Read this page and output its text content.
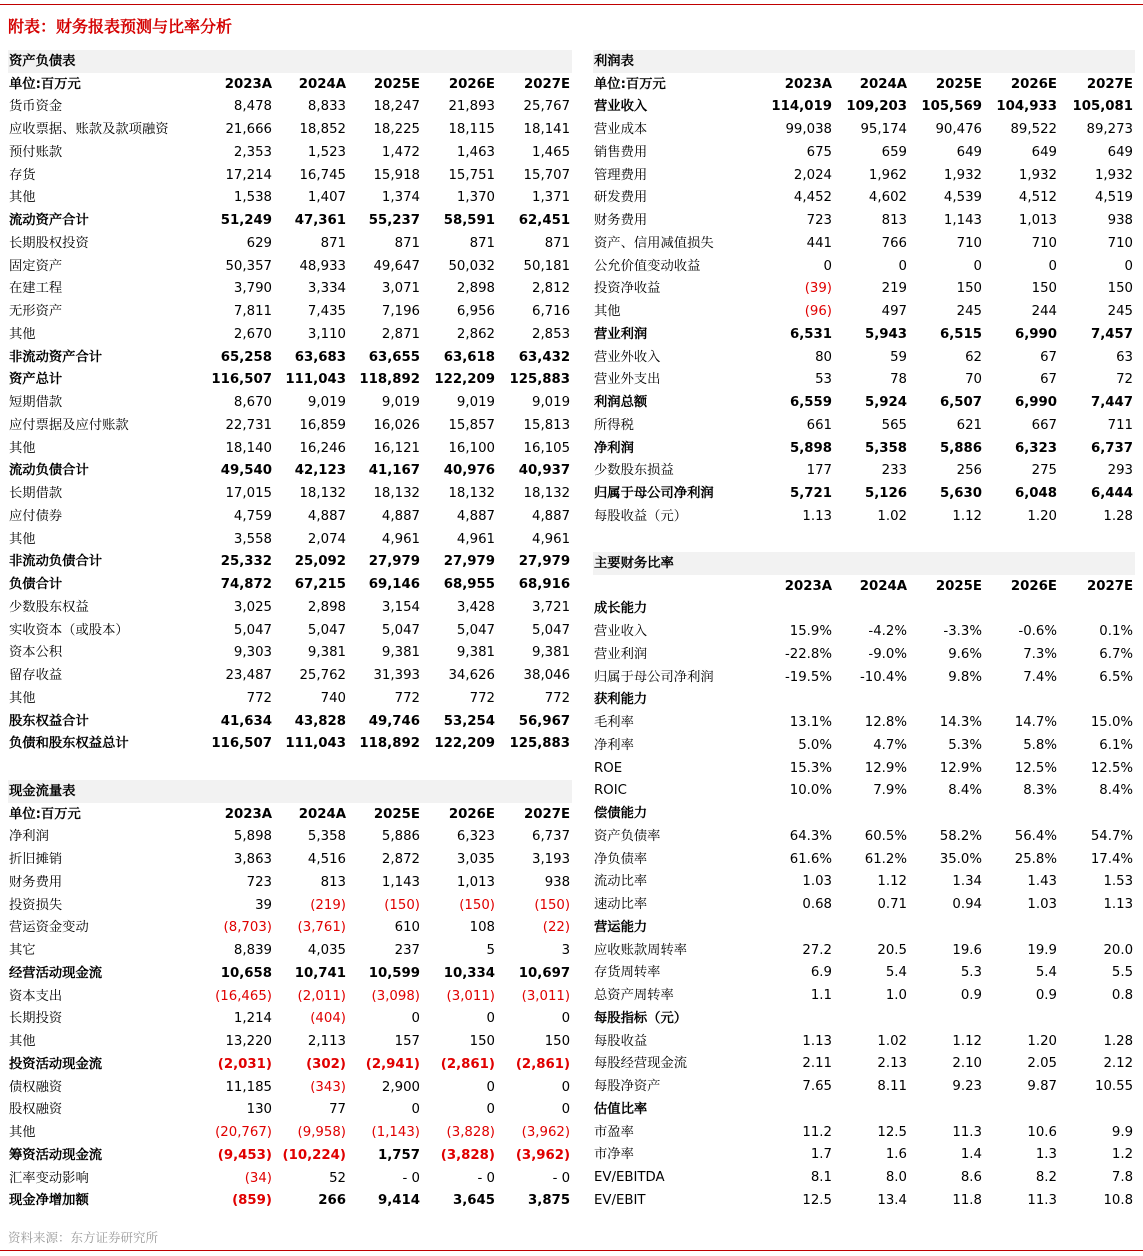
附表：财务报表预测与比率分析
资产负债表					
单位:百万元	2023A	2024A	2025E	2026E	2027E
货币资金	8,478	8,833	18,247	21,893	25,767
应收票据、账款及款项融资	21,666	18,852	18,225	18,115	18,141
预付账款	2,353	1,523	1,472	1,463	1,465
存货	17,214	16,745	15,918	15,751	15,707
其他	1,538	1,407	1,374	1,370	1,371
流动资产合计	51,249	47,361	55,237	58,591	62,451
长期股权投资	629	871	871	871	871
固定资产	50,357	48,933	49,647	50,032	50,181
在建工程	3,790	3,334	3,071	2,898	2,812
无形资产	7,811	7,435	7,196	6,956	6,716
其他	2,670	3,110	2,871	2,862	2,853
非流动资产合计	65,258	63,683	63,655	63,618	63,432
资产总计	116,507	111,043	118,892	122,209	125,883
短期借款	8,670	9,019	9,019	9,019	9,019
应付票据及应付账款	22,731	16,859	16,026	15,857	15,813
其他	18,140	16,246	16,121	16,100	16,105
流动负债合计	49,540	42,123	41,167	40,976	40,937
长期借款	17,015	18,132	18,132	18,132	18,132
应付债券	4,759	4,887	4,887	4,887	4,887
其他	3,558	2,074	4,961	4,961	4,961
非流动负债合计	25,332	25,092	27,979	27,979	27,979
负债合计	74,872	67,215	69,146	68,955	68,916
少数股东权益	3,025	2,898	3,154	3,428	3,721
实收资本（或股本）	5,047	5,047	5,047	5,047	5,047
资本公积	9,303	9,381	9,381	9,381	9,381
留存收益	23,487	25,762	31,393	34,626	38,046
其他	772	740	772	772	772
股东权益合计	41,634	43,828	49,746	53,254	56,967
负债和股东权益总计	116,507	111,043	118,892	122,209	125,883
现金流量表					
单位:百万元	2023A	2024A	2025E	2026E	2027E
净利润	5,898	5,358	5,886	6,323	6,737
折旧摊销	3,863	4,516	2,872	3,035	3,193
财务费用	723	813	1,143	1,013	938
投资损失	39	(219)	(150)	(150)	(150)
营运资金变动	(8,703)	(3,761)	610	108	(22)
其它	8,839	4,035	237	5	3
经营活动现金流	10,658	10,741	10,599	10,334	10,697
资本支出	(16,465)	(2,011)	(3,098)	(3,011)	(3,011)
长期投资	1,214	(404)	0	0	0
其他	13,220	2,113	157	150	150
投资活动现金流	(2,031)	(302)	(2,941)	(2,861)	(2,861)
债权融资	11,185	(343)	2,900	0	0
股权融资	130	77	0	0	0
其他	(20,767)	(9,958)	(1,143)	(3,828)	(3,962)
筹资活动现金流	(9,453)	(10,224)	1,757	(3,828)	(3,962)
汇率变动影响	(34)	52	- 0	- 0	- 0
现金净增加额	(859)	266	9,414	3,645	3,875
利润表					
单位:百万元	2023A	2024A	2025E	2026E	2027E
营业收入	114,019	109,203	105,569	104,933	105,081
营业成本	99,038	95,174	90,476	89,522	89,273
销售费用	675	659	649	649	649
管理费用	2,024	1,962	1,932	1,932	1,932
研发费用	4,452	4,602	4,539	4,512	4,519
财务费用	723	813	1,143	1,013	938
资产、信用减值损失	441	766	710	710	710
公允价值变动收益	0	0	0	0	0
投资净收益	(39)	219	150	150	150
其他	(96)	497	245	244	245
营业利润	6,531	5,943	6,515	6,990	7,457
营业外收入	80	59	62	67	63
营业外支出	53	78	70	67	72
利润总额	6,559	5,924	6,507	6,990	7,447
所得税	661	565	621	667	711
净利润	5,898	5,358	5,886	6,323	6,737
少数股东损益	177	233	256	275	293
归属于母公司净利润	5,721	5,126	5,630	6,048	6,444
每股收益（元）	1.13	1.02	1.12	1.20	1.28
主要财务比率					
	2023A	2024A	2025E	2026E	2027E
成长能力					
营业收入	15.9%	-4.2%	-3.3%	-0.6%	0.1%
营业利润	-22.8%	-9.0%	9.6%	7.3%	6.7%
归属于母公司净利润	-19.5%	-10.4%	9.8%	7.4%	6.5%
获利能力					
毛利率	13.1%	12.8%	14.3%	14.7%	15.0%
净利率	5.0%	4.7%	5.3%	5.8%	6.1%
ROE	15.3%	12.9%	12.9%	12.5%	12.5%
ROIC	10.0%	7.9%	8.4%	8.3%	8.4%
偿债能力					
资产负债率	64.3%	60.5%	58.2%	56.4%	54.7%
净负债率	61.6%	61.2%	35.0%	25.8%	17.4%
流动比率	1.03	1.12	1.34	1.43	1.53
速动比率	0.68	0.71	0.94	1.03	1.13
营运能力					
应收账款周转率	27.2	20.5	19.6	19.9	20.0
存货周转率	6.9	5.4	5.3	5.4	5.5
总资产周转率	1.1	1.0	0.9	0.9	0.8
每股指标（元）					
每股收益	1.13	1.02	1.12	1.20	1.28
每股经营现金流	2.11	2.13	2.10	2.05	2.12
每股净资产	7.65	8.11	9.23	9.87	10.55
估值比率					
市盈率	11.2	12.5	11.3	10.6	9.9
市净率	1.7	1.6	1.4	1.3	1.2
EV/EBITDA	8.1	8.0	8.6	8.2	7.8
EV/EBIT	12.5	13.4	11.8	11.3	10.8
资料来源：东方证券研究所
